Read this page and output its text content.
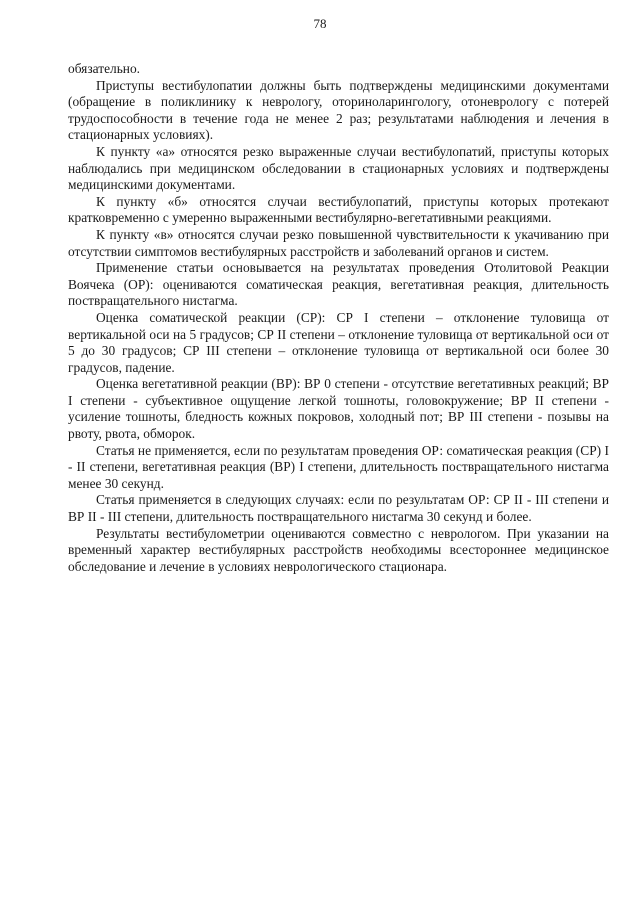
78

обязательно.

Приступы вестибулопатии должны быть подтверждены медицинскими документами (обращение в поликлинику к неврологу, оториноларингологу, отоневрологу с потерей трудоспособности в течение года не менее 2 раз; результатами наблюдения и лечения в стационарных условиях).

К пункту «а» относятся резко выраженные случаи вестибулопатий, приступы которых наблюдались при медицинском обследовании в стационарных условиях и подтверждены медицинскими документами.

К пункту «б» относятся случаи вестибулопатий, приступы которых протекают кратковременно с умеренно выраженными вестибулярно-вегетативными реакциями.

К пункту «в» относятся случаи резко повышенной чувствительности к укачиванию при отсутствии симптомов вестибулярных расстройств и заболеваний органов и систем.

Применение статьи основывается на результатах проведения Отолитовой Реакции Воячека (ОР): оцениваются соматическая реакция, вегетативная реакция, длительность поствращательного нистагма.

Оценка соматической реакции (СР): СР I степени – отклонение туловища от вертикальной оси на 5 градусов; СР II степени – отклонение туловища от вертикальной оси от 5 до 30 градусов; СР III степени – отклонение туловища от вертикальной оси более 30 градусов, падение.

Оценка вегетативной реакции (ВР): ВР 0 степени - отсутствие вегетативных реакций; ВР I степени - субъективное ощущение легкой тошноты, головокружение; ВР II степени - усиление тошноты, бледность кожных покровов, холодный пот; ВР III степени - позывы на рвоту, рвота, обморок.

Статья не применяется, если по результатам проведения ОР: соматическая реакция (СР) I - II степени, вегетативная реакция (ВР) I степени, длительность поствращательного нистагма менее 30 секунд.

Статья применяется в следующих случаях: если по результатам ОР: СР II - III степени и ВР II - III степени, длительность поствращательного нистагма 30 секунд и более.

Результаты вестибулометрии оцениваются совместно с неврологом. При указании на временный характер вестибулярных расстройств необходимы всестороннее медицинское обследование и лечение в условиях неврологического стационара.
